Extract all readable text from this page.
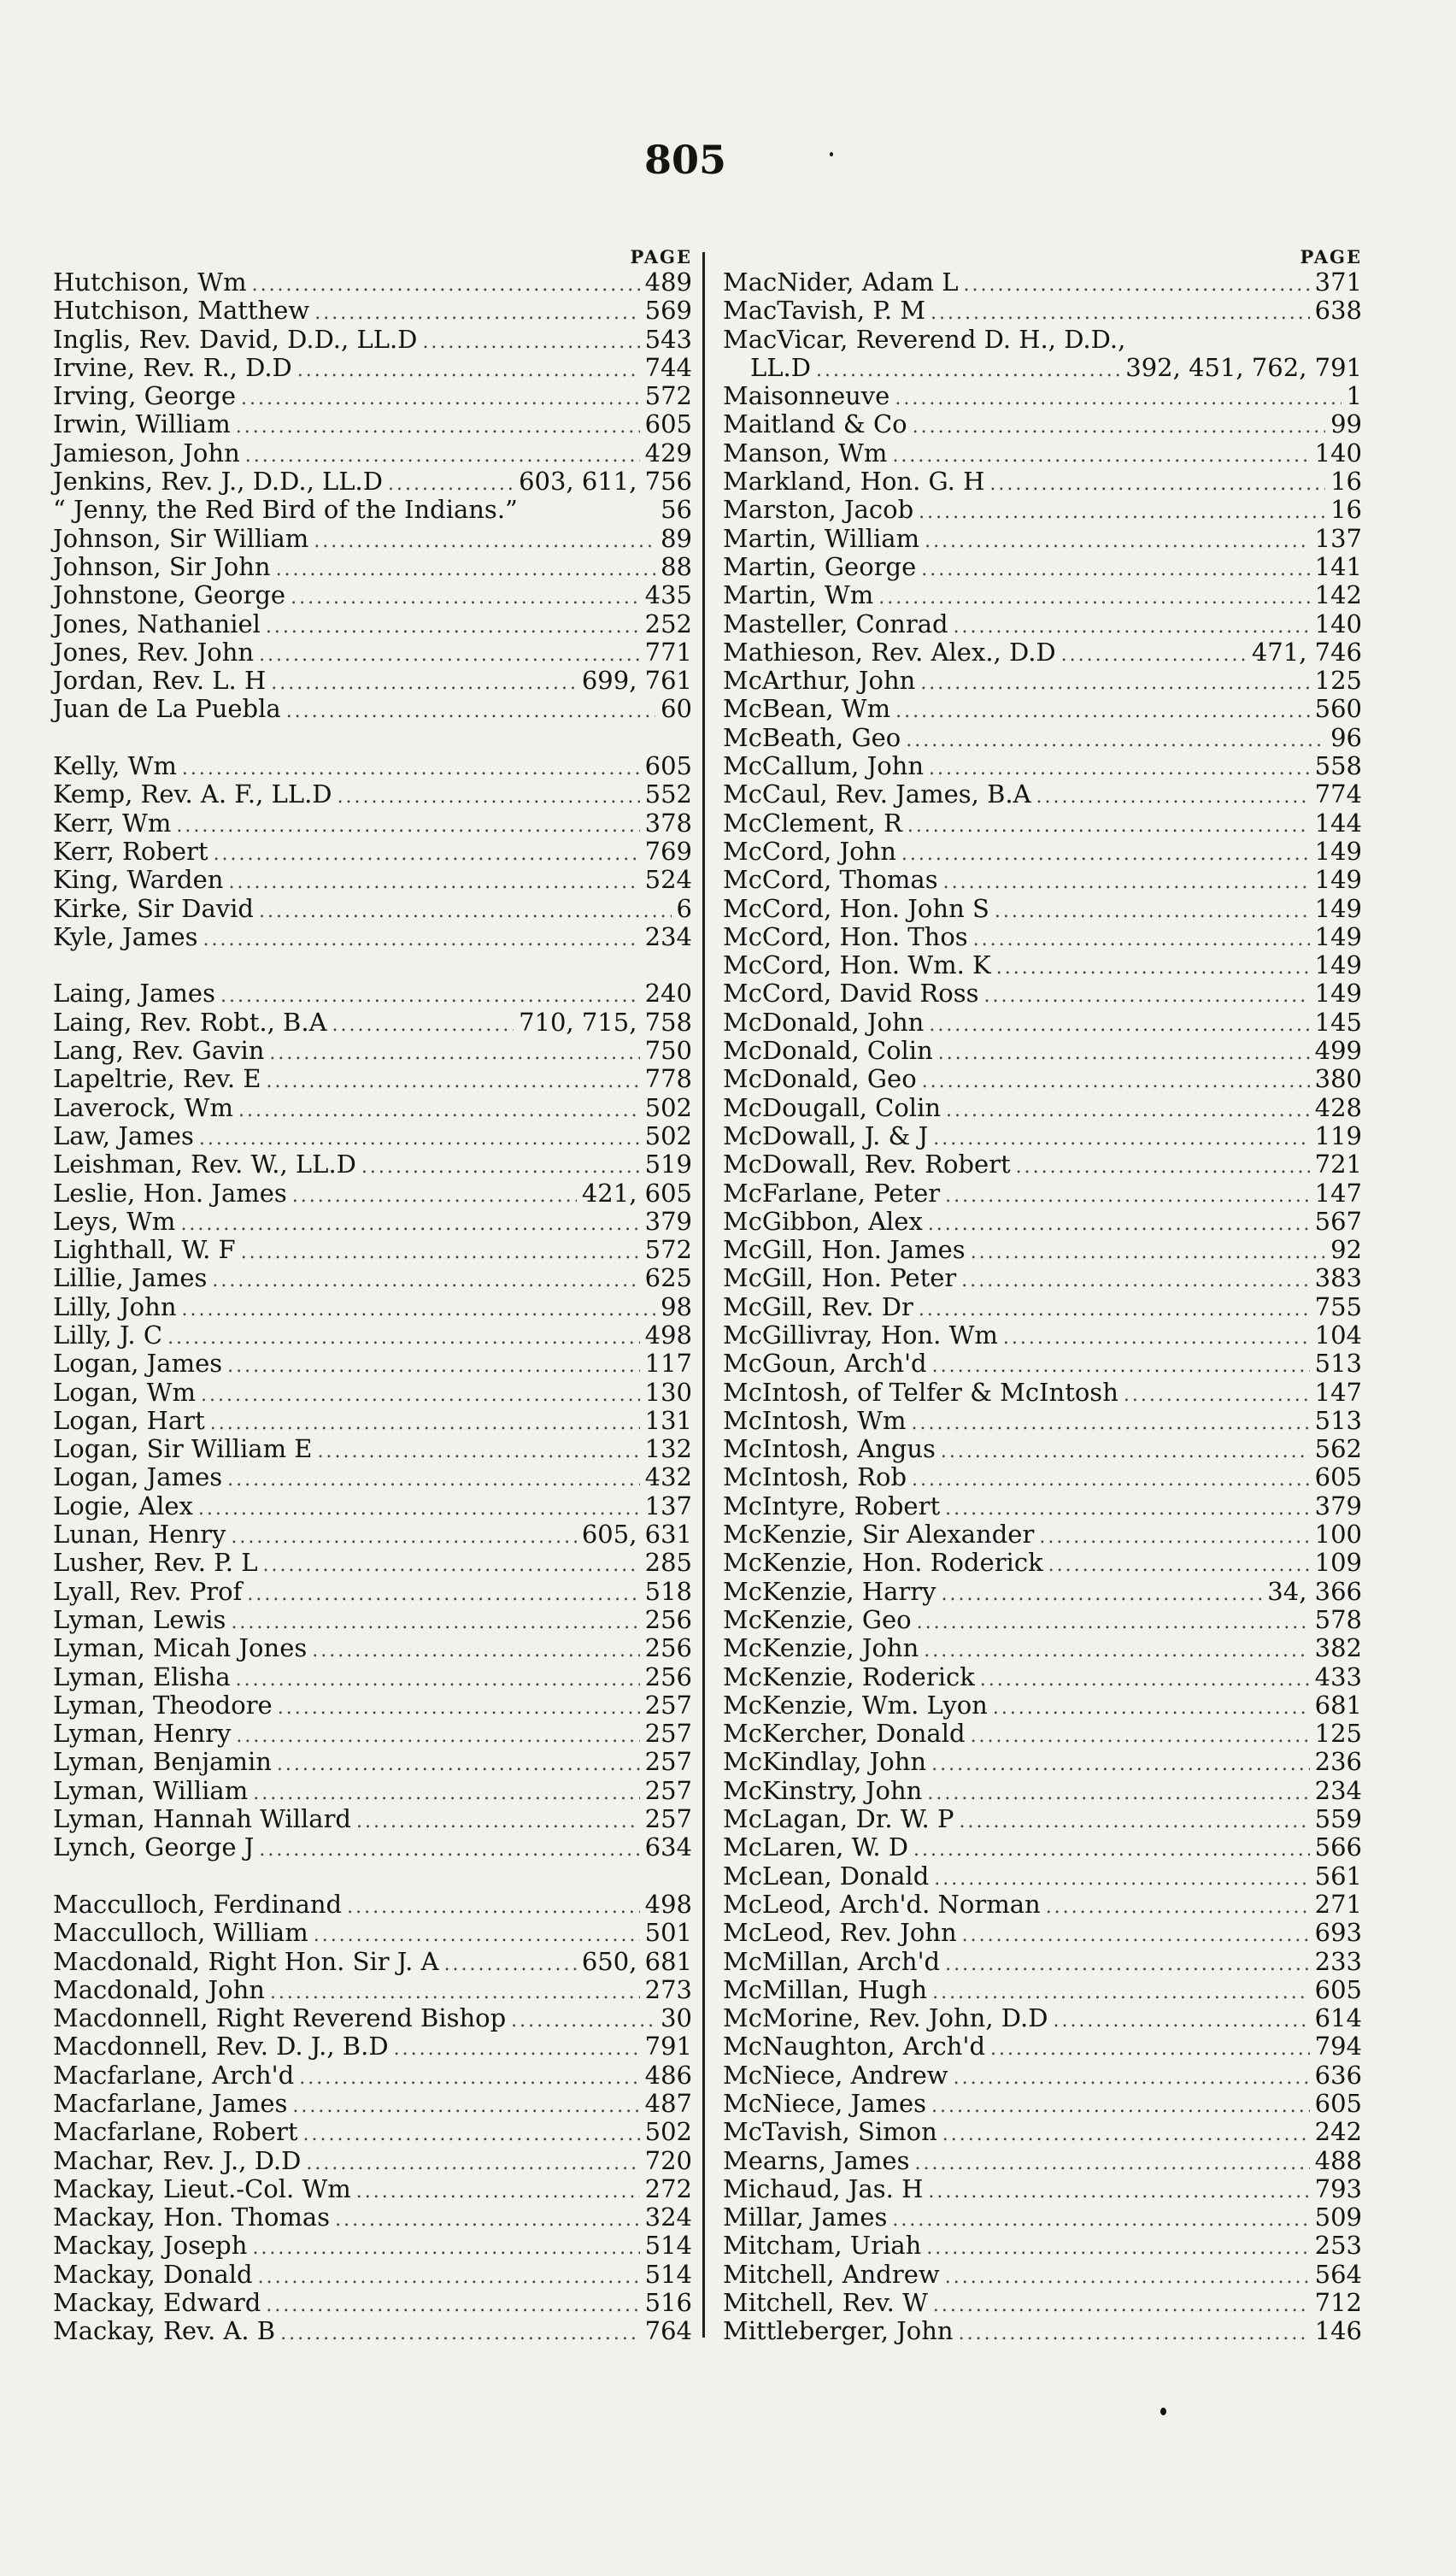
805
PAGE
Hutchison, Wm .....	489
Hutchison, Matthew .....	569
Inglis, Rev. David, D.D., LL.D .....	543
Irvine, Rev. R., D.D .....	744
Irving, George .....	572
Irwin, William .....	605
Jamieson, John .....	429
Jenkins, Rev. J., D.D., LL.D .....	603, 611, 756
“ Jenny, the Red Bird of the Indians.”	56
Johnson, Sir William .....	89
Johnson, Sir John .....	88
Johnstone, George .....	435
Jones, Nathaniel .....	252
Jones, Rev. John .....	771
Jordan, Rev. L. H .....	699, 761
Juan de La Puebla .....	60
Kelly, Wm .....	605
Kemp, Rev. A. F., LL.D .....	552
Kerr, Wm .....	378
Kerr, Robert .....	769
King, Warden .....	524
Kirke, Sir David .....	6
Kyle, James .....	234
Laing, James .....	240
Laing, Rev. Robt., B.A .....	710, 715, 758
Lang, Rev. Gavin .....	750
Lapeltrie, Rev. E .....	778
Laverock, Wm .....	502
Law, James .....	502
Leishman, Rev. W., LL.D .....	519
Leslie, Hon. James .....	421, 605
Leys, Wm .....	379
Lighthall, W. F .....	572
Lillie, James .....	625
Lilly, John .....	98
Lilly, J. C .....	498
Logan, James .....	117
Logan, Wm .....	130
Logan, Hart .....	131
Logan, Sir William E .....	132
Logan, James .....	432
Logie, Alex .....	137
Lunan, Henry .....	605, 631
Lusher, Rev. P. L .....	285
Lyall, Rev. Prof .....	518
Lyman, Lewis .....	256
Lyman, Micah Jones .....	256
Lyman, Elisha .....	256
Lyman, Theodore .....	257
Lyman, Henry .....	257
Lyman, Benjamin .....	257
Lyman, William .....	257
Lyman, Hannah Willard .....	257
Lynch, George J .....	634
Macculloch, Ferdinand .....	498
Macculloch, William .....	501
Macdonald, Right Hon. Sir J. A .....	650, 681
Macdonald, John .....	273
Macdonnell, Right Reverend Bishop .....	30
Macdonnell, Rev. D. J., B.D .....	791
Macfarlane, Arch'd .....	486
Macfarlane, James .....	487
Macfarlane, Robert .....	502
Machar, Rev. J., D.D .....	720
Mackay, Lieut.-Col. Wm .....	272
Mackay, Hon. Thomas .....	324
Mackay, Joseph .....	514
Mackay, Donald .....	514
Mackay, Edward .....	516
Mackay, Rev. A. B .....	764
PAGE
MacNider, Adam L .....	371
MacTavish, P. M .....	638
MacVicar, Reverend D. H., D.D.,
LL.D .....	392, 451, 762, 791
Maisonneuve .....	1
Maitland & Co .....	99
Manson, Wm .....	140
Markland, Hon. G. H .....	16
Marston, Jacob .....	16
Martin, William .....	137
Martin, George .....	141
Martin, Wm .....	142
Masteller, Conrad .....	140
Mathieson, Rev. Alex., D.D .....	471, 746
McArthur, John .....	125
McBean, Wm .....	560
McBeath, Geo .....	96
McCallum, John .....	558
McCaul, Rev. James, B.A .....	774
McClement, R .....	144
McCord, John .....	149
McCord, Thomas .....	149
McCord, Hon. John S .....	149
McCord, Hon. Thos .....	149
McCord, Hon. Wm. K .....	149
McCord, David Ross .....	149
McDonald, John .....	145
McDonald, Colin .....	499
McDonald, Geo .....	380
McDougall, Colin .....	428
McDowall, J. & J .....	119
McDowall, Rev. Robert .....	721
McFarlane, Peter .....	147
McGibbon, Alex .....	567
McGill, Hon. James .....	92
McGill, Hon. Peter .....	383
McGill, Rev. Dr .....	755
McGillivray, Hon. Wm .....	104
McGoun, Arch'd .....	513
McIntosh, of Telfer & McIntosh .....	147
McIntosh, Wm .....	513
McIntosh, Angus .....	562
McIntosh, Rob .....	605
McIntyre, Robert .....	379
McKenzie, Sir Alexander .....	100
McKenzie, Hon. Roderick .....	109
McKenzie, Harry .....	34, 366
McKenzie, Geo .....	578
McKenzie, John .....	382
McKenzie, Roderick .....	433
McKenzie, Wm. Lyon .....	681
McKercher, Donald .....	125
McKindlay, John .....	236
McKinstry, John .....	234
McLagan, Dr. W. P .....	559
McLaren, W. D .....	566
McLean, Donald .....	561
McLeod, Arch'd. Norman .....	271
McLeod, Rev. John .....	693
McMillan, Arch'd .....	233
McMillan, Hugh .....	605
McMorine, Rev. John, D.D .....	614
McNaughton, Arch'd .....	794
McNiece, Andrew .....	636
McNiece, James .....	605
McTavish, Simon .....	242
Mearns, James .....	488
Michaud, Jas. H .....	793
Millar, James .....	509
Mitcham, Uriah .....	253
Mitchell, Andrew .....	564
Mitchell, Rev. W .....	712
Mittleberger, John .....	146
